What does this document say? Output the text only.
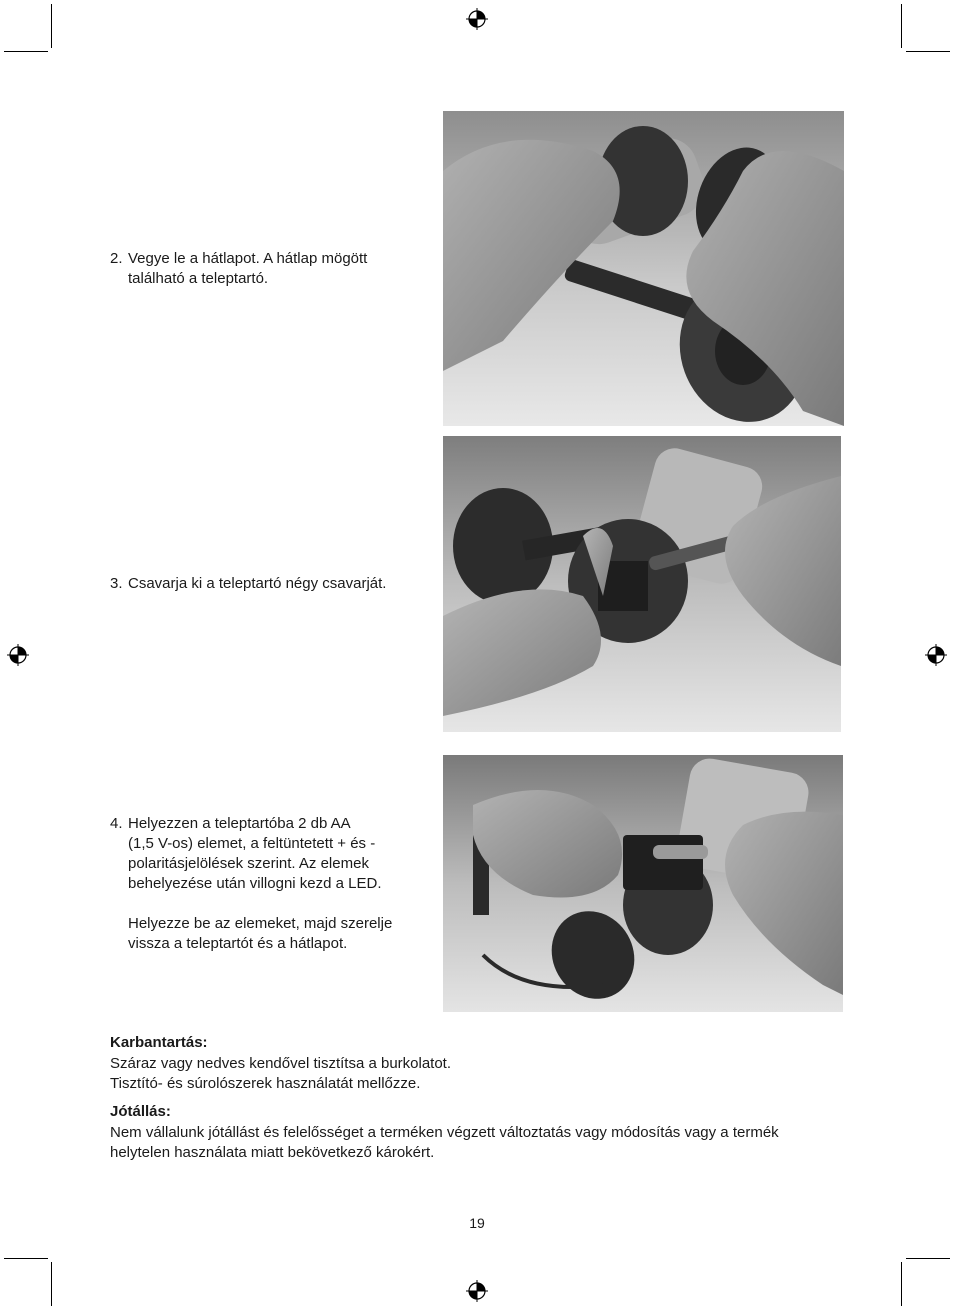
2. Vegye le a hátlapot. A hátlap mögött

található a teleptartó.

3. Csavarja ki a teleptartó négy csavarját.

4. Helyezzen a teleptartóba 2 db AA

(1,5 V-os) elemet, a feltüntetett + és -

polaritásjelölések szerint. Az elemek

behelyezése után villogni kezd a LED.

Helyezze be az elemeket, majd szerelje

vissza a teleptartót és a hátlapot.

Karbantartás:

Száraz vagy nedves kendővel tisztítsa a burkolatot.

Tisztító- és súrolószerek használatát mellőzze.

Jótállás:

Nem vállalunk jótállást és felelősséget a terméken végzett változtatás vagy módosítás vagy a termék

helytelen használata miatt bekövetkező károkért.

19
